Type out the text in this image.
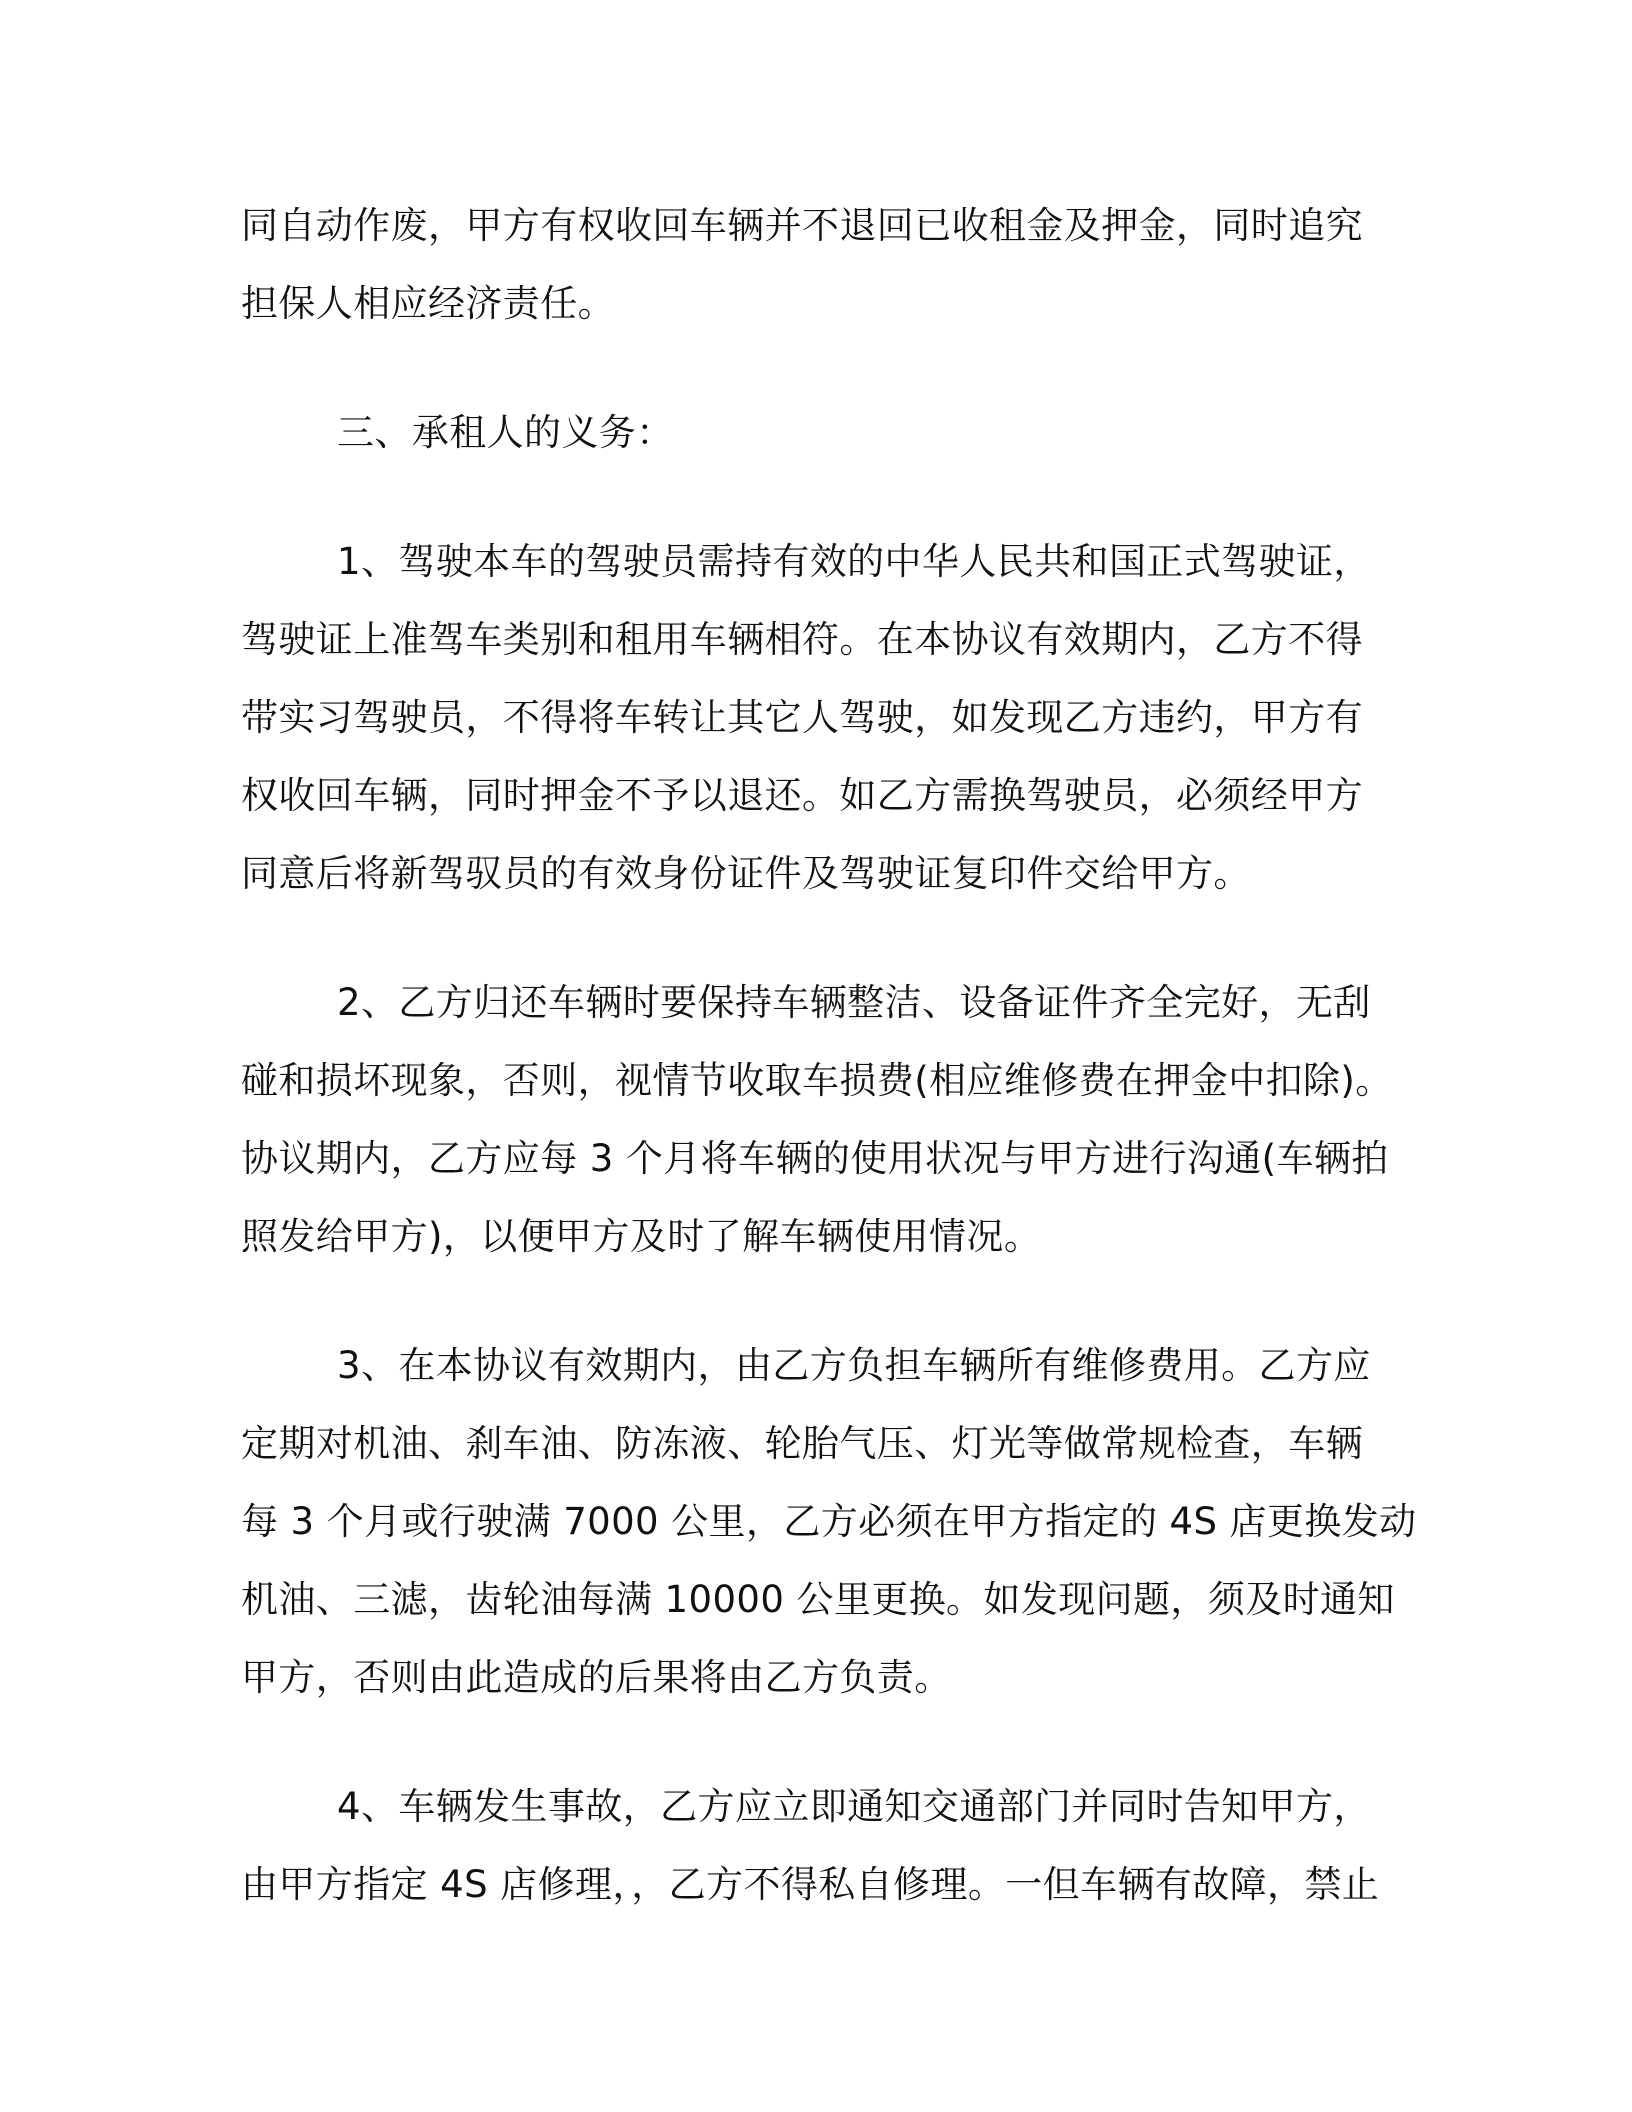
同自动作废，甲方有权收回车辆并不退回已收租金及押金，同时追究
担保人相应经济责任。
三、承租人的义务：
1、驾驶本车的驾驶员需持有效的中华人民共和国正式驾驶证，
驾驶证上准驾车类别和租用车辆相符。在本协议有效期内，乙方不得
带实习驾驶员，不得将车转让其它人驾驶，如发现乙方违约，甲方有
权收回车辆，同时押金不予以退还。如乙方需换驾驶员，必须经甲方
同意后将新驾驭员的有效身份证件及驾驶证复印件交给甲方。
2、乙方归还车辆时要保持车辆整洁、设备证件齐全完好，无刮
碰和损坏现象，否则，视情节收取车损费(相应维修费在押金中扣除)。
协议期内，乙方应每 3 个月将车辆的使用状况与甲方进行沟通(车辆拍
照发给甲方)，以便甲方及时了解车辆使用情况。
3、在本协议有效期内，由乙方负担车辆所有维修费用。乙方应
定期对机油、刹车油、防冻液、轮胎气压、灯光等做常规检查，车辆
每 3 个月或行驶满 7000 公里，乙方必须在甲方指定的 4S 店更换发动
机油、三滤，齿轮油每满 10000 公里更换。如发现问题，须及时通知
甲方，否则由此造成的后果将由乙方负责。
4、车辆发生事故，乙方应立即通知交通部门并同时告知甲方，
由甲方指定 4S 店修理，，乙方不得私自修理。一但车辆有故障，禁止
